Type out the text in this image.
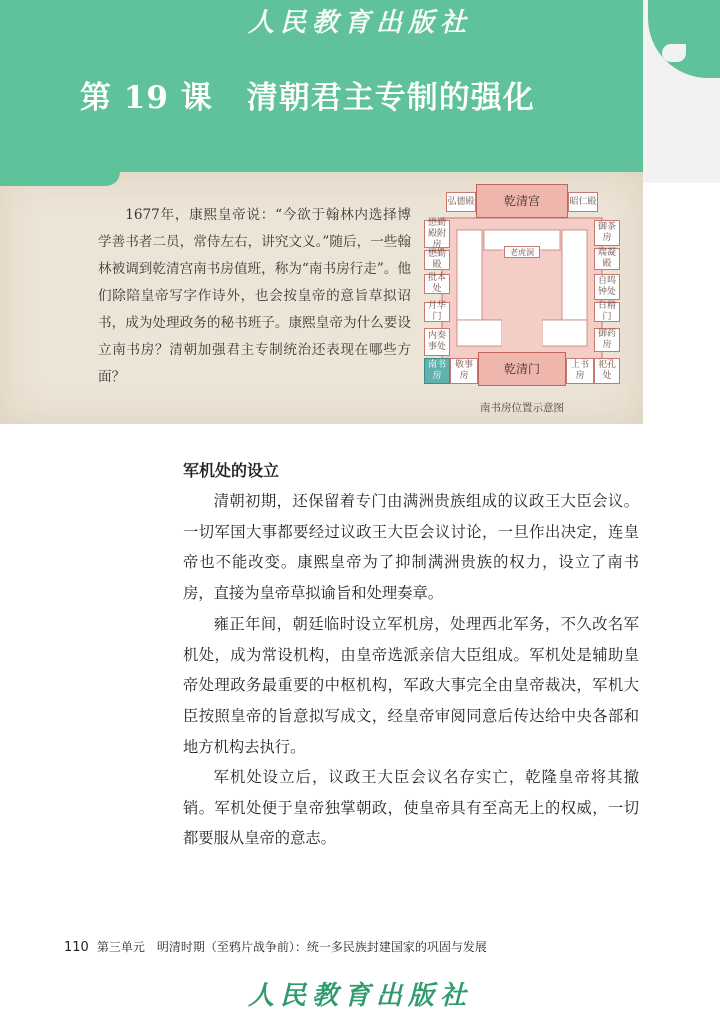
人民教育出版社
第 19 课 清朝君主专制的强化

1677年，康熙皇帝说：“今欲于翰林内选择博学善书者二员，常侍左右，讲究文义。”随后，一些翰林被调到乾清宫南书房值班，称为“南书房行走”。他们除陪皇帝写字作诗外，也会按皇帝的意旨草拟诏书，成为处理政务的秘书班子。康熙皇帝为什么要设立南书房？清朝加强君主专制统治还表现在哪些方面？

乾清宫
弘德殿	昭仁殿
懋勤殿附房
懋勤殿
批本处
月华门
内奏事处
御茶房
端凝殿
自鸣钟处
日精门
御药房
老虎洞
乾清门
南书房
敬事房
上书房
祀孔处
南书房位置示意图
军机处的设立

清朝初期，还保留着专门由满洲贵族组成的议政王大臣会议。一切军国大事都要经过议政王大臣会议讨论，一旦作出决定，连皇帝也不能改变。康熙皇帝为了抑制满洲贵族的权力，设立了南书房，直接为皇帝草拟谕旨和处理奏章。

雍正年间，朝廷临时设立军机房，处理西北军务，不久改名军机处，成为常设机构，由皇帝选派亲信大臣组成。军机处是辅助皇帝处理政务最重要的中枢机构，军政大事完全由皇帝裁决，军机大臣按照皇帝的旨意拟写成文，经皇帝审阅同意后传达给中央各部和地方机构去执行。

军机处设立后，议政王大臣会议名存实亡，乾隆皇帝将其撤销。军机处便于皇帝独掌朝政，使皇帝具有至高无上的权威，一切都要服从皇帝的意志。

110 第三单元　明清时期（至鸦片战争前）：统一多民族封建国家的巩固与发展
人民教育出版社
